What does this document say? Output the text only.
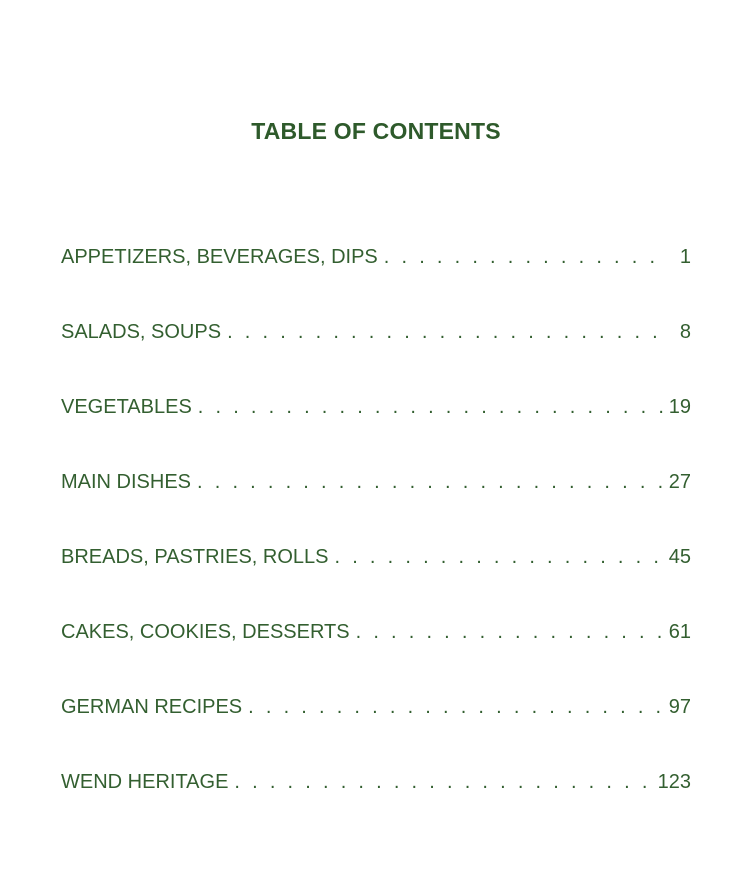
TABLE OF CONTENTS
APPETIZERS, BEVERAGES, DIPS . . .	1
SALADS, SOUPS . . .	8
VEGETABLES . . .	19
MAIN DISHES . . .	27
BREADS, PASTRIES, ROLLS . . .	45
CAKES, COOKIES, DESSERTS . . .	61
GERMAN RECIPES . . .	97
WEND HERITAGE . . .	123
